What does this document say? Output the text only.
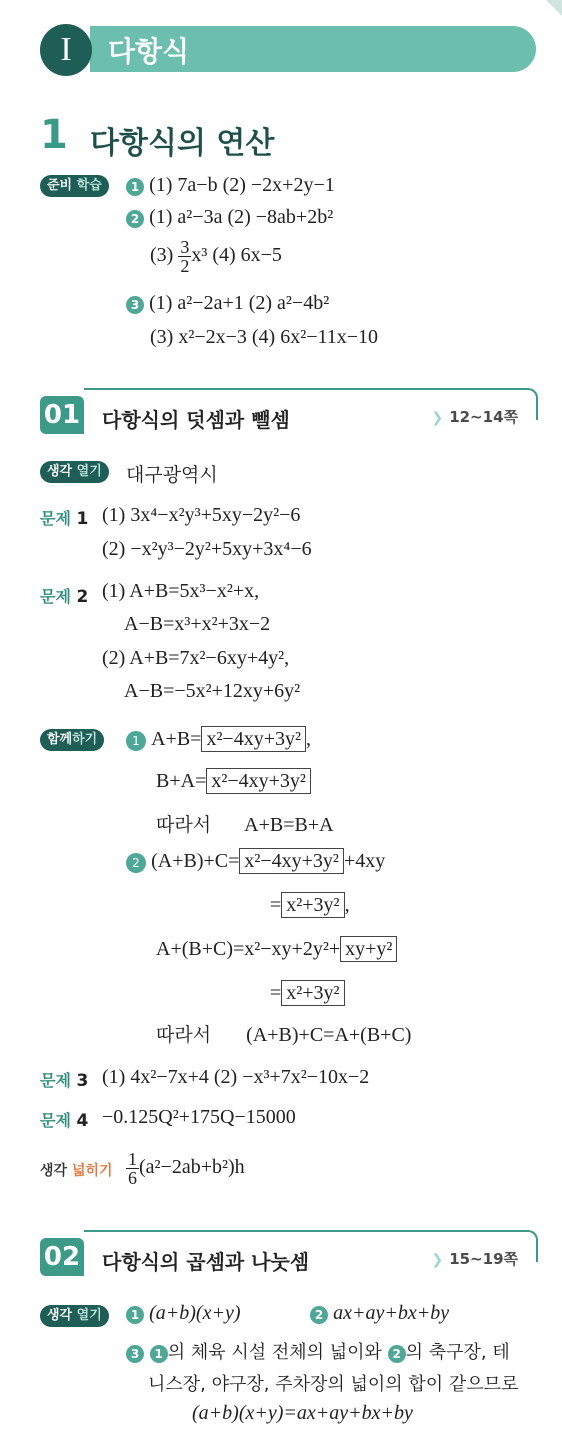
I	다항식
1 다항식의 연산
준비 학습	1 (1) 7a−b (2) −2x+2y−1
2 (1) a²−3a (2) −8ab+2b²
$(3) \frac{3}{2} x^3$ (4) 6x−5
3 (1) a²−2a+1 (2) a²−4b²
(3) x²−2x−3 (4) 6x²−11x−10
01 다항식의 덧셈과 뺄셈	❯ 12~14쪽
생각 열기	대구광역시
문제 1 (1) 3x⁴−x²y³+5xy−2y²−6
(2) −x²y³−2y²+5xy+3x⁴−6
문제 2 (1) A+B=5x³−x²+x,
A−B=x³+x²+3x−2
(2) A+B=7x²−6xy+4y²,
A−B=−5x²+12xy+6y²
함께하기	1 A+B= x²−4xy+3y² ,
B+A= x²−4xy+3y²
따라서 A+B=B+A
2 (A+B)+C= x²−4xy+3y² +4xy
= x²+3y² ,
A+(B+C)=x²−xy+2y²+ xy+y²
= x²+3y²
따라서 (A+B)+C=A+(B+C)
문제 3 (1) 4x²−7x+4 (2) −x³+7x²−10x−2
문제 4 −0.125Q²+175Q−15000
생각 넓히기 $\frac{1}{6} (a^2-2ab+b^2)h$
02 다항식의 곱셈과 나눗셈	❯ 15~19쪽
생각 열기	1 (a+b)(x+y)	2 ax+ay+bx+by
3 1 의 체육 시설 전체의 넓이와 2 의 축구장, 테
니스장, 야구장, 주차장의 넓이의 합이 같으므로
(a+b)(x+y)=ax+ay+bx+by
